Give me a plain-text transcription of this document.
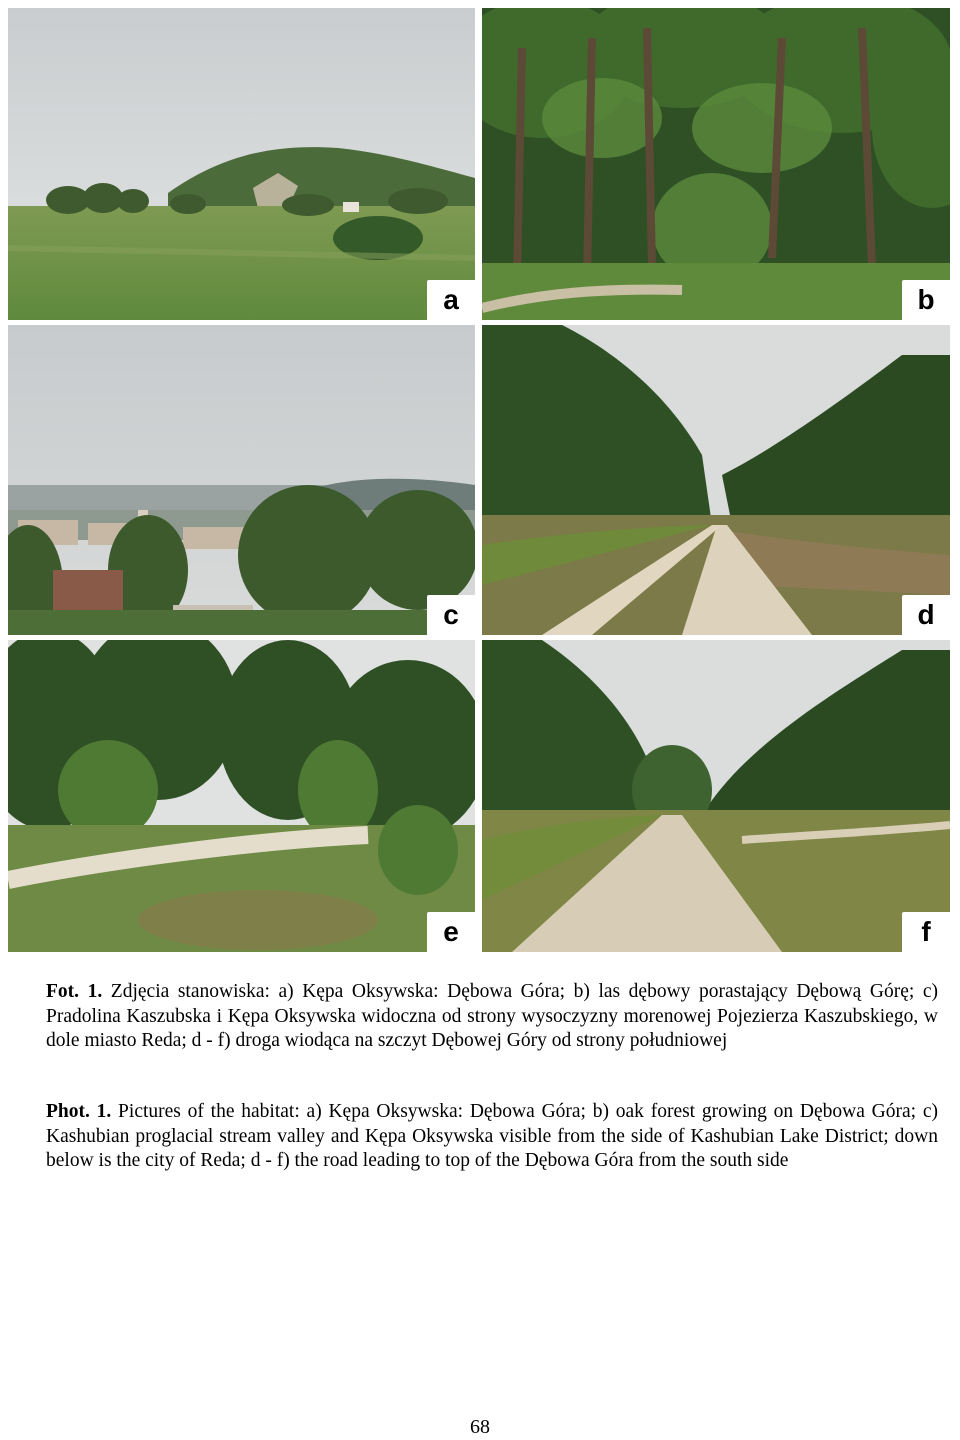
a	b
c	d
e	f

Fot. 1. Zdjęcia stanowiska: a) Kępa Oksywska: Dębowa Góra; b) las dębowy porastający Dębową Górę; c) Pradolina Kaszubska i Kępa Oksywska widoczna od strony wysoczyzny morenowej Pojezierza Kaszubskiego, w dole miasto Reda; d - f) droga wiodąca na szczyt Dębowej Góry od strony południowej

Phot. 1. Pictures of the habitat: a) Kępa Oksywska: Dębowa Góra; b) oak forest growing on Dębowa Góra; c) Kashubian proglacial stream valley and Kępa Oksywska visible from the side of Kashubian Lake District; down below is the city of Reda; d - f) the road leading to top of the Dębowa Góra from the south side

68
